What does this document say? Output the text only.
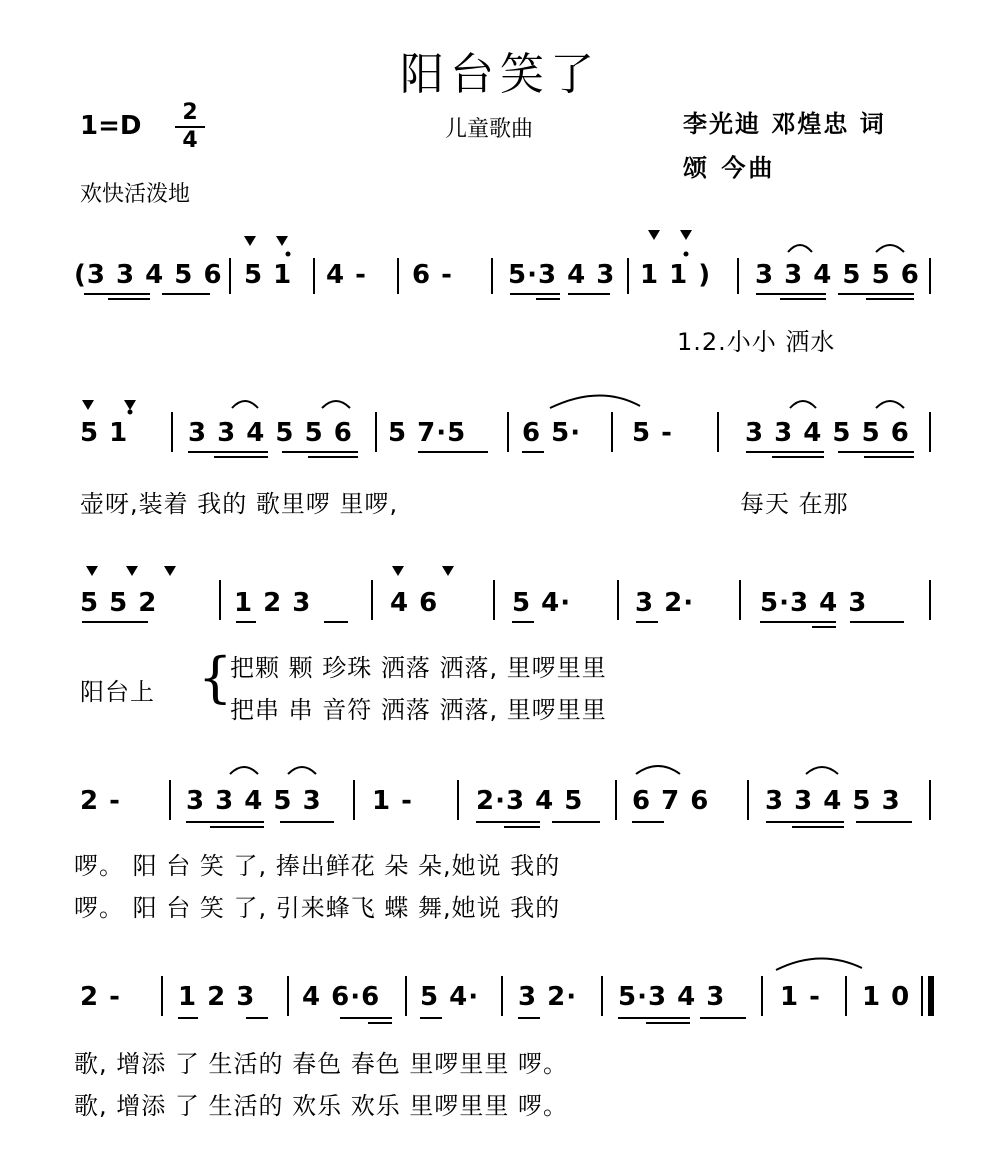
阳台笑了
$1=D \frac{2}{4}$	儿童歌曲	李光迪 邓煌忠 词
颂 今曲
欢快活泼地
(3 3 4 5 6 5 1 4 - 6 - 5·3 4 3 1 1 ) 3 3 4 5 5 6
1.2.小小 洒水
5 1 3 3 4 5 5 6 5 7·5 6 5· 5 -	3 3 4 5 5 6
壶呀,装着 我的 歌里啰 里啰,	每天 在那
5 5 2	1 2 3	4 6	5 4· 3 2·	5·3 4 3
阳台上 {
把颗 颗 珍珠 洒落 洒落, 里啰里里
把串 串 音符 洒落 洒落, 里啰里里
2 -	3 3 4 5 3 1 - 2·3 4 5 6 7 6 3 3 4 5 3
啰。 阳 台 笑 了, 捧出鲜花 朵 朵,她说 我的
啰。 阳 台 笑 了, 引来蜂飞 蝶 舞,她说 我的
2 - 1 2 3 4 6·6 5 4· 3 2· 5·3 4 3 1 - 1 0
歌, 增添 了 生活的 春色 春色 里啰里里 啰。
歌, 增添 了 生活的 欢乐 欢乐 里啰里里 啰。
